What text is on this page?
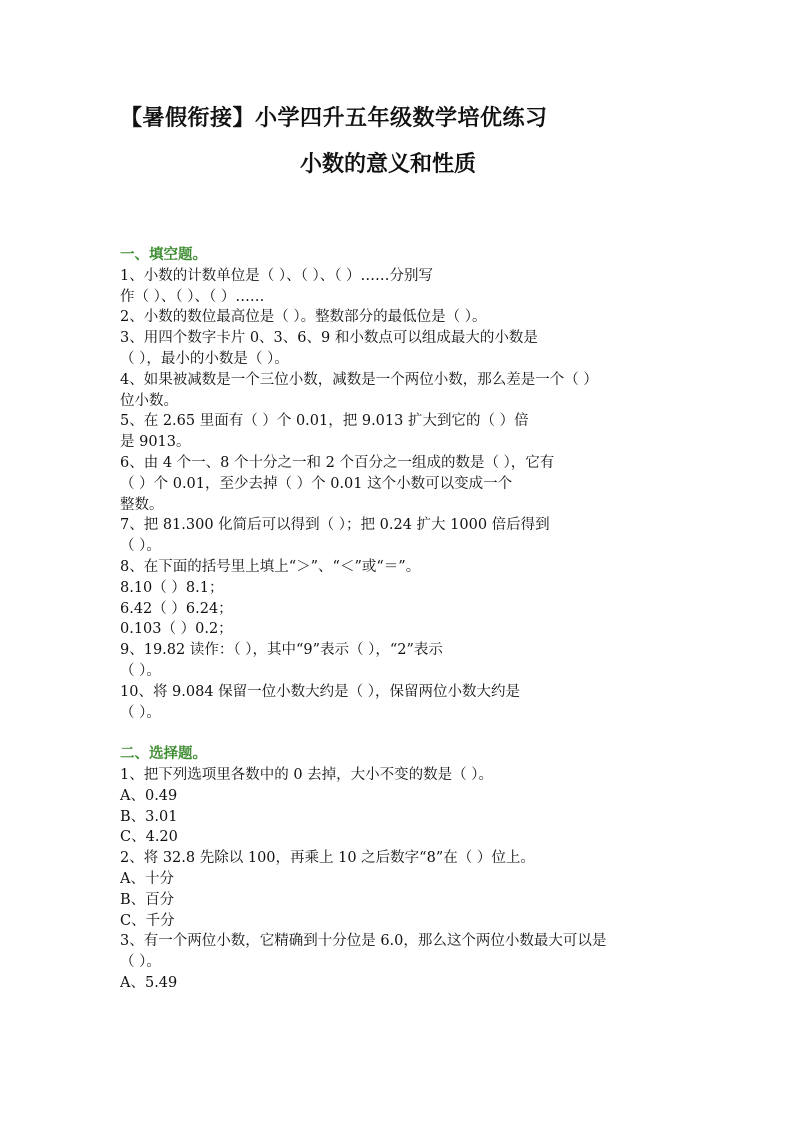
【暑假衔接】小学四升五年级数学培优练习
小数的意义和性质
一、填空题。
1、小数的计数单位是（ ）、（ ）、（ ）……分别写
作（ ）、（ ）、（ ）……
2、小数的数位最高位是（ ）。整数部分的最低位是（ ）。
3、用四个数字卡片 0、3、6、9 和小数点可以组成最大的小数是
（ ），最小的小数是（ ）。
4、如果被减数是一个三位小数，减数是一个两位小数，那么差是一个（ ）
位小数。
5、在 2.65 里面有（ ）个 0.01，把 9.013 扩大到它的（ ）倍
是 9013。
6、由 4 个一、8 个十分之一和 2 个百分之一组成的数是（ ），它有
（ ）个 0.01，至少去掉（ ）个 0.01 这个小数可以变成一个
整数。
7、把 81.300 化简后可以得到（ ）；把 0.24 扩大 1000 倍后得到
（ ）。
8、在下面的括号里上填上“＞”、“＜”或“＝”。
8.10（ ）8.1；
6.42（ ）6.24；
0.103（ ）0.2；
9、19.82 读作：（ ），其中“9”表示（ ），“2”表示
（ ）。
10、将 9.084 保留一位小数大约是（ ），保留两位小数大约是
（ ）。
二、选择题。
1、把下列选项里各数中的 0 去掉，大小不变的数是（ ）。
A、0.49
B、3.01
C、4.20
2、将 32.8 先除以 100，再乘上 10 之后数字“8”在（ ）位上。
A、十分
B、百分
C、千分
3、有一个两位小数，它精确到十分位是 6.0，那么这个两位小数最大可以是
（ ）。
A、5.49
